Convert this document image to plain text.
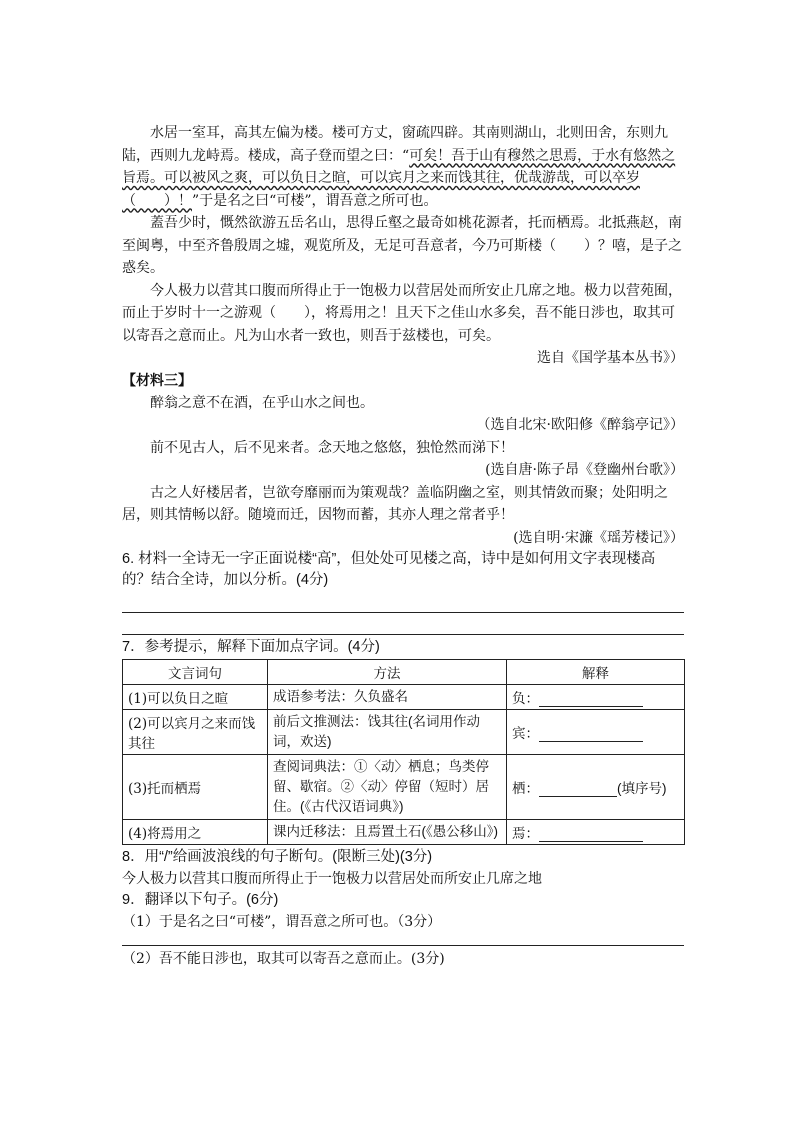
水居一室耳，高其左偏为楼。楼可方丈，窗疏四辟。其南则湖山，北则田舍，东则九陆，西则九龙峙焉。楼成，高子登而望之曰：“可矣！吾于山有穆然之思焉，于水有悠然之旨焉。可以被风之爽，可以负日之暄，可以宾月之来而饯其往，优哉游哉，可以卒岁（　　）！”于是名之曰“可楼”，谓吾意之所可也。

蓋吾少时，慨然欲游五岳名山，思得丘壑之最奇如桃花源者，托而栖焉。北抵燕赵，南至闽粤，中至齐鲁殷周之墟，观览所及，无足可吾意者，今乃可斯楼（　　）？嘻，是子之惑矣。

今人极力以营其口腹而所得止于一饱极力以营居处而所安止几席之地。极力以营苑囿，而止于岁时十一之游观（　　），将焉用之！且天下之佳山水多矣，吾不能日涉也，取其可以寄吾之意而止。凡为山水者一致也，则吾于兹楼也，可矣。

选自《国学基本丛书》）

【材料三】

醉翁之意不在酒，在乎山水之间也。

（选自北宋·欧阳修《醉翁亭记》）

前不见古人，后不见来者。念天地之悠悠，独怆然而涕下！

(选自唐·陈子昂《登幽州台歌》）

古之人好楼居者，岂欲夸靡丽而为策观哉？盖临阴幽之室，则其情敛而聚；处阳明之居，则其情畅以舒。随境而迁，因物而蓄，其亦人理之常者乎！

(选自明·宋濂《瑶芳楼记》）

6. 材料一全诗无一字正面说楼“高”，但处处可见楼之高，诗中是如何用文字表现楼高的？结合全诗，加以分析。(4分)

7．参考提示，解释下面加点字词。(4分)

文言词句	方法	解释
(1)可以负日之暄	成语参考法：久负盛名	负：
(2)可以宾月之来而饯其往	前后文推测法：饯其往(名词用作动词，欢送)	宾：
(3)托而栖焉	查阅词典法：①〈动〉栖息；鸟类停留、歇宿。②〈动〉停留（短时）居住。(《古代汉语词典》)	栖： (填序号)
(4)将焉用之	课内迁移法：且焉置土石(《愚公移山》)	焉：

8．用“/”给画波浪线的句子断句。(限断三处)(3分)

今人极力以营其口腹而所得止于一饱极力以营居处而所安止几席之地

9．翻译以下句子。(6分)

（1）于是名之曰“可楼”，谓吾意之所可也。（3分）

（2）吾不能日涉也，取其可以寄吾之意而止。(3分)
